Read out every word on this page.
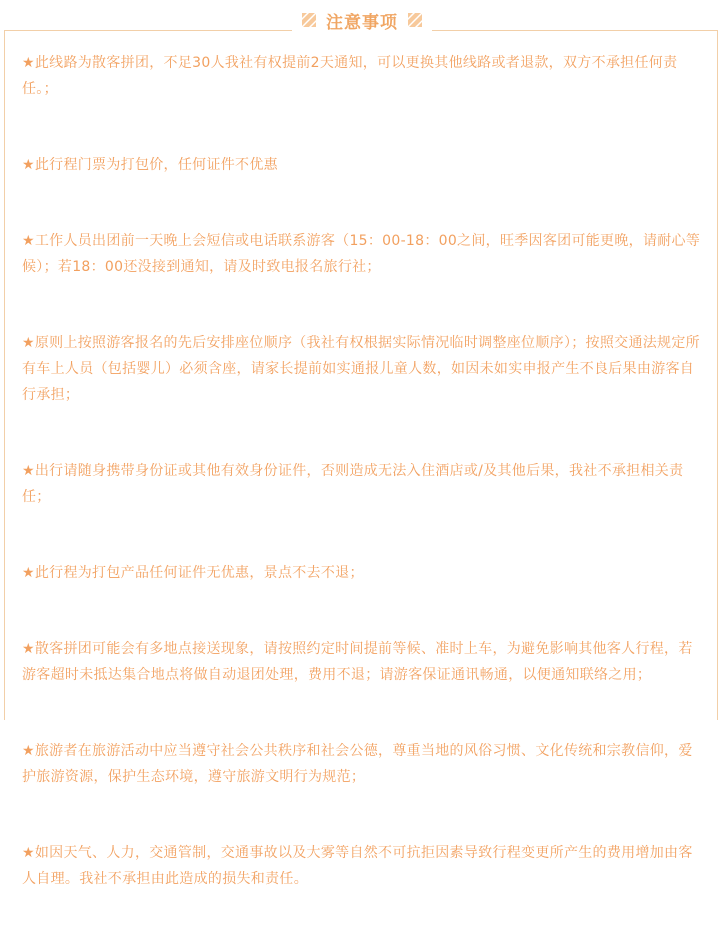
注意事项

★此线路为散客拼团，不足30人我社有权提前2天通知，可以更换其他线路或者退款，双方不承担任何责任。；

★此行程门票为打包价，任何证件不优惠

★工作人员出团前一天晚上会短信或电话联系游客（15：00-18：00之间，旺季因客团可能更晚，请耐心等候）；若18：00还没接到通知，请及时致电报名旅行社；

★原则上按照游客报名的先后安排座位顺序（我社有权根据实际情况临时调整座位顺序）；按照交通法规定所有车上人员（包括婴儿）必须含座，请家长提前如实通报儿童人数，如因未如实申报产生不良后果由游客自行承担；

★出行请随身携带身份证或其他有效身份证件，否则造成无法入住酒店或/及其他后果，我社不承担相关责任；

★此行程为打包产品任何证件无优惠，景点不去不退；

★散客拼团可能会有多地点接送现象，请按照约定时间提前等候、准时上车，为避免影响其他客人行程，若游客超时未抵达集合地点将做自动退团处理，费用不退；请游客保证通讯畅通，以便通知联络之用；

★旅游者在旅游活动中应当遵守社会公共秩序和社会公德，尊重当地的风俗习惯、文化传统和宗教信仰，爱护旅游资源，保护生态环境，遵守旅游文明行为规范；

★如因天气、人力，交通管制，交通事故以及大雾等自然不可抗拒因素导致行程变更所产生的费用增加由客人自理。我社不承担由此造成的损失和责任。
